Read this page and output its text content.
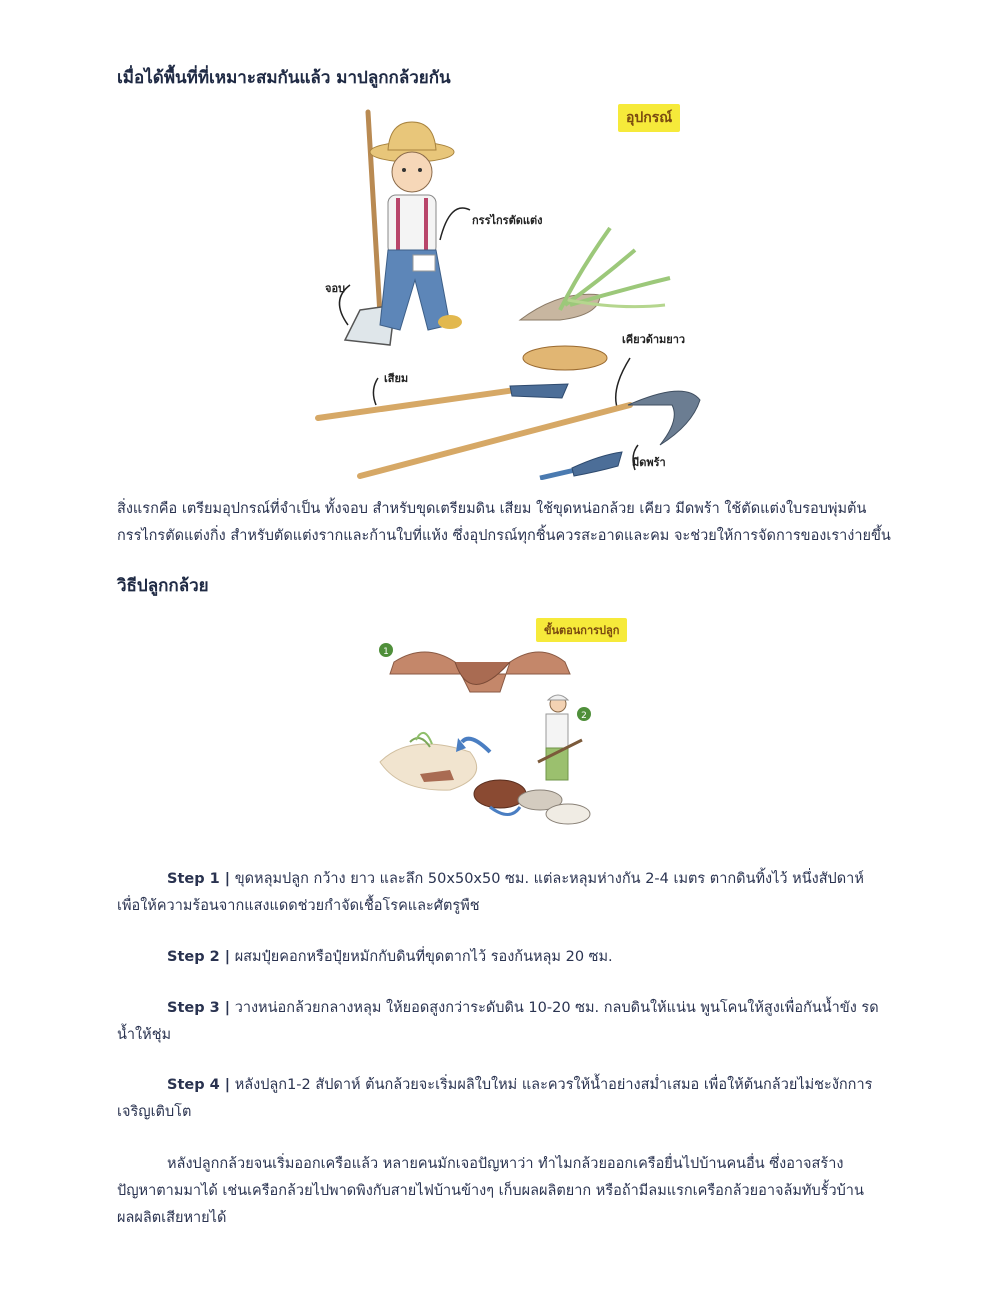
เมื่อได้พื้นที่ที่เหมาะสมกันแล้ว มาปลูกกล้วยกัน
อุปกรณ์
กรรไกรตัดแต่ง
จอบ
เคียวด้ามยาว
เสียม
มีดพร้า
สิ่งแรกคือ เตรียมอุปกรณ์ที่จำเป็น ทั้งจอบ สำหรับขุดเตรียมดิน เสียม ใช้ขุดหน่อกล้วย เคียว มีดพร้า ใช้ตัดแต่งใบรอบพุ่มต้น
กรรไกรตัดแต่งกิ่ง สำหรับตัดแต่งรากและก้านใบที่แห้ง ซึ่งอุปกรณ์ทุกชิ้นควรสะอาดและคม จะช่วยให้การจัดการของเราง่ายขึ้น
วิธีปลูกกล้วย
ขั้นตอนการปลูก
1
2
Step 1 | ขุดหลุมปลูก กว้าง ยาว และลึก 50x50x50 ซม. แต่ละหลุมห่างกัน 2-4 เมตร ตากดินทิ้งไว้ หนึ่งสัปดาห์
เพื่อให้ความร้อนจากแสงแดดช่วยกำจัดเชื้อโรคและศัตรูพืช
Step 2 | ผสมปุ๋ยคอกหรือปุ๋ยหมักกับดินที่ขุดตากไว้ รองก้นหลุม 20 ซม.
Step 3 | วางหน่อกล้วยกลางหลุม ให้ยอดสูงกว่าระดับดิน 10-20 ซม. กลบดินให้แน่น พูนโคนให้สูงเพื่อกันน้ำขัง รด
น้ำให้ชุ่ม
Step 4 | หลังปลูก1-2 สัปดาห์ ต้นกล้วยจะเริ่มผลิใบใหม่ และควรให้น้ำอย่างสม่ำเสมอ เพื่อให้ต้นกล้วยไม่ชะงักการ
เจริญเติบโต
หลังปลูกกล้วยจนเริ่มออกเครือแล้ว หลายคนมักเจอปัญหาว่า ทำไมกล้วยออกเครือยื่นไปบ้านคนอื่น ซึ่งอาจสร้าง
ปัญหาตามมาได้ เช่นเครือกล้วยไปพาดพิงกับสายไฟบ้านข้างๆ เก็บผลผลิตยาก หรือถ้ามีลมแรกเครือกล้วยอาจล้มทับรั้วบ้าน
ผลผลิตเสียหายได้
